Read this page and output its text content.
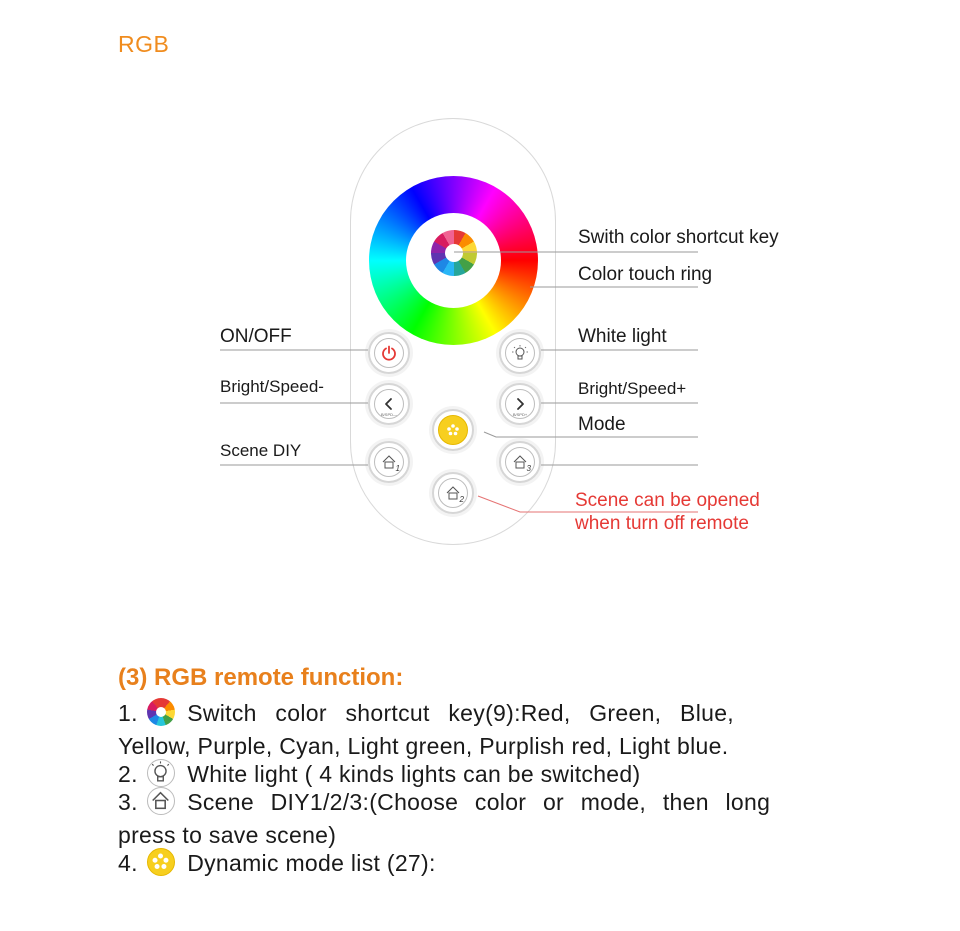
RGB
B/SPD—	B/SPD+
1	3
2
Swith color shortcut key
Color touch ring
ON/OFF	White light
Bright/Speed-	Bright/Speed+
Mode
Scene DIY
Scene can be opened
when turn off remote
(3) RGB remote function:
1. Switch color shortcut key(9):Red, Green, Blue,
Yellow, Purple, Cyan, Light green, Purplish red, Light blue.
2. White light ( 4 kinds lights can be switched)
3. Scene DIY1/2/3:(Choose color or mode, then long
press to save scene)
4. Dynamic mode list (27):
